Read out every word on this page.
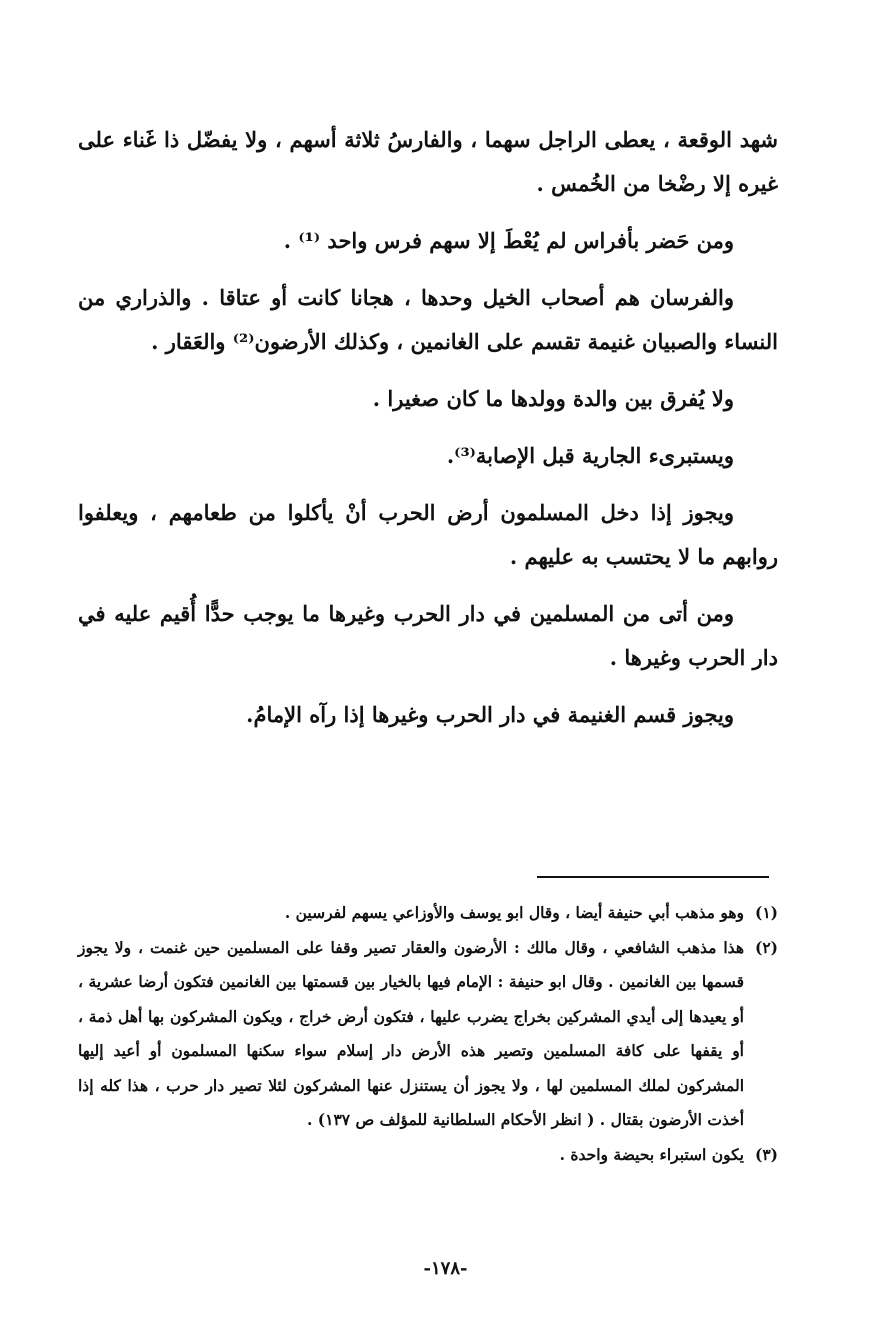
شهد الوقعة ، يعطى الراجل سهما ، والفارسُ ثلاثة أسهم ، ولا يفضّل ذا غَناء على غيره إلا رضْخا من الخُمس .

ومن حَضر بأفراس لم يُعْطَ إلا سهم فرس واحد ⁽¹⁾ .

والفرسان هم أصحاب الخيل وحدها ، هجانا كانت أو عتاقا . والذراري من النساء والصبيان غنيمة تقسم على الغانمين ، وكذلك الأرضون⁽²⁾ والعَقار .

ولا يُفرق بين والدة وولدها ما كان صغيرا .

ويستبرىء الجارية قبل الإصابة⁽³⁾.

ويجوز إذا دخل المسلمون أرض الحرب أنْ يأكلوا من طعامهم ، ويعلفوا روابهم ما لا يحتسب به عليهم .

ومن أتى من المسلمين في دار الحرب وغيرها ما يوجب حدًّا أُقيم عليه في دار الحرب وغيرها .

ويجوز قسم الغنيمة في دار الحرب وغيرها إذا رآه الإمامُ.

(١)
وهو مذهب أبي حنيفة أيضا ، وقال ابو يوسف والأوزاعي يسهم لفرسين .
(٢)
هذا مذهب الشافعي ، وقال مالك : الأرضون والعقار تصير وقفا على المسلمين حين غنمت ، ولا يجوز قسمها بين الغانمين . وقال ابو حنيفة : الإمام فيها بالخيار بين قسمتها بين الغانمين فتكون أرضا عشرية ، أو يعيدها إلى أيدي المشركين بخراج يضرب عليها ، فتكون أرض خراج ، ويكون المشركون بها أهل ذمة ، أو يقفها على كافة المسلمين وتصير هذه الأرض دار إسلام سواء سكنها المسلمون أو أعيد إليها المشركون لملك المسلمين لها ، ولا يجوز أن يستنزل عنها المشركون لئلا تصير دار حرب ، هذا كله إذا أخذت الأرضون بقتال . ( انظر الأحكام السلطانية للمؤلف ص ١٣٧) .
(٣)
يكون استبراء بحيضة واحدة .
-١٧٨-
